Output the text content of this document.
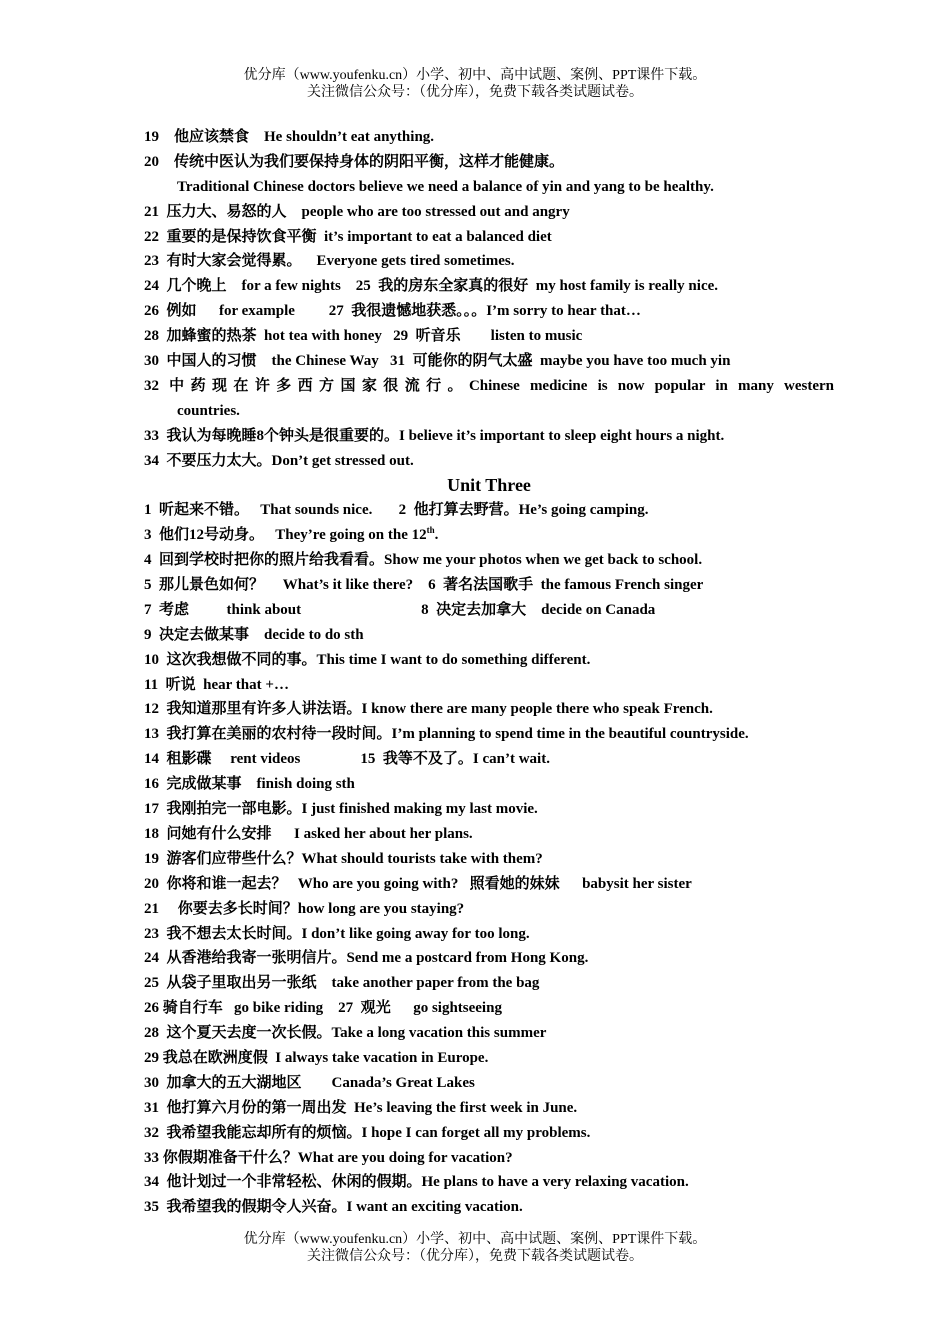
优分库（www.youfenku.cn）小学、初中、高中试题、案例、PPT课件下载。
关注微信公众号：（优分库），免费下载各类试题试卷。
19    他应该禁食    He shouldn’t eat anything.
20    传统中医认为我们要保持身体的阴阳平衡，这样才能健康。
Traditional Chinese doctors believe we need a balance of yin and yang to be healthy.
21  压力大、易怒的人    people who are too stressed out and angry
22  重要的是保持饮食平衡  it’s important to eat a balanced diet
23  有时大家会觉得累。    Everyone gets tired sometimes.
24  几个晚上    for a few nights    25  我的房东全家真的很好  my host family is really nice.
26  例如      for example         27  我很遗憾地获悉。。。I’m sorry to hear that…
28  加蜂蜜的热茶  hot tea with honey   29  听音乐        listen to music
30  中国人的习惯    the Chinese Way   31  可能你的阴气太盛  maybe you have too much yin
32 中药现在许多西方国家很流行。Chinese medicine is now popular in many western
countries.
33  我认为每晚睡8个钟头是很重要的。I believe it’s important to sleep eight hours a night.
34  不要压力太大。Don’t get stressed out.
Unit Three
1  听起来不错。   That sounds nice.       2  他打算去野营。He’s going camping.
3  他们12号动身。   They’re going on the 12th.
4  回到学校时把你的照片给我看看。Show me your photos when we get back to school.
5  那儿景色如何？     What’s it like there?    6  著名法国歌手  the famous French singer
7  考虑          think about                                8  决定去加拿大    decide on Canada
9  决定去做某事    decide to do sth
10  这次我想做不同的事。This time I want to do something different.
11  听说  hear that +…
12  我知道那里有许多人讲法语。I know there are many people there who speak French.
13  我打算在美丽的农村待一段时间。I’m planning to spend time in the beautiful countryside.
14  租影碟     rent videos                15  我等不及了。I can’t wait.
16  完成做某事    finish doing sth
17  我刚拍完一部电影。I just finished making my last movie.
18  问她有什么安排      I asked her about her plans.
19  游客们应带些什么？What should tourists take with them?
20  你将和谁一起去？   Who are you going with?   照看她的妹妹      babysit her sister
21     你要去多长时间？how long are you staying?
23  我不想去太长时间。I don’t like going away for too long.
24  从香港给我寄一张明信片。Send me a postcard from Hong Kong.
25  从袋子里取出另一张纸    take another paper from the bag
26 骑自行车   go bike riding    27  观光      go sightseeing
28  这个夏天去度一次长假。Take a long vacation this summer
29 我总在欧洲度假  I always take vacation in Europe.
30  加拿大的五大湖地区        Canada’s Great Lakes
31  他打算六月份的第一周出发  He’s leaving the first week in June.
32  我希望我能忘却所有的烦恼。I hope I can forget all my problems.
33 你假期准备干什么？What are you doing for vacation?
34  他计划过一个非常轻松、休闲的假期。He plans to have a very relaxing vacation.
35  我希望我的假期令人兴奋。I want an exciting vacation.
优分库（www.youfenku.cn）小学、初中、高中试题、案例、PPT课件下载。
关注微信公众号：（优分库），免费下载各类试题试卷。
